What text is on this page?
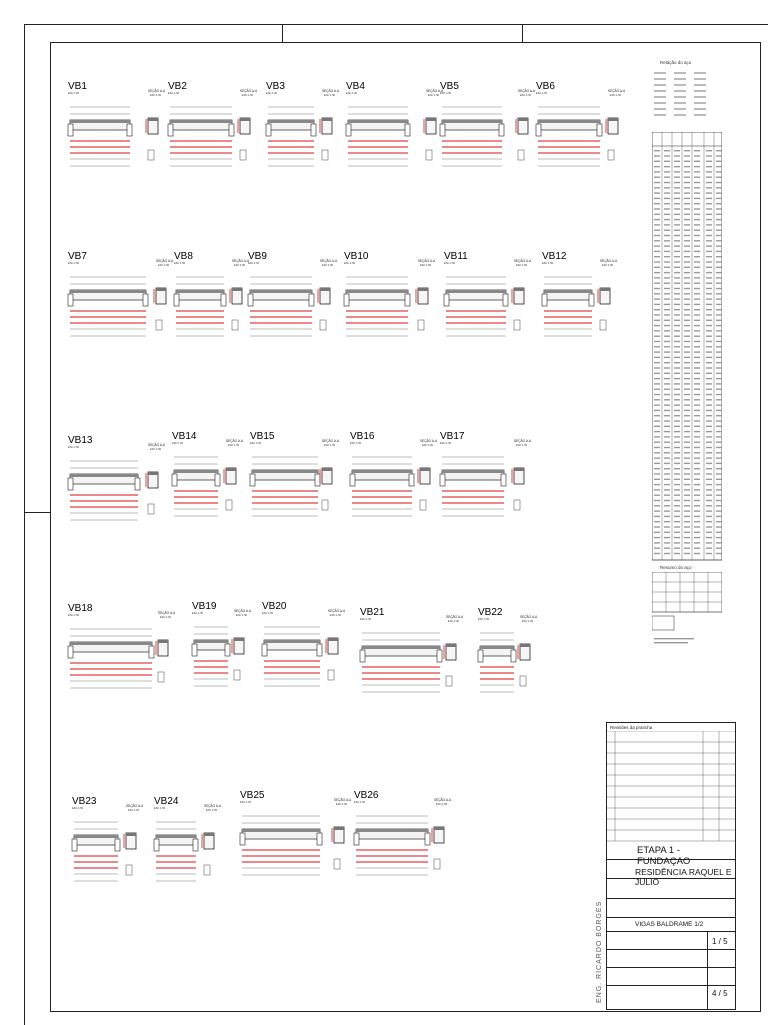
VB1
ESC 1:50
SEÇÃO A-A
ESC 1:50
VB2
ESC 1:50
SEÇÃO A-A
ESC 1:50
VB3
ESC 1:50
SEÇÃO A-A
ESC 1:50
VB4
ESC 1:50
SEÇÃO A-A
ESC 1:50
VB5
ESC 1:50
SEÇÃO A-A
ESC 1:50
VB6
ESC 1:50
SEÇÃO A-A
ESC 1:50
VB7
ESC 1:50
SEÇÃO A-A
ESC 1:50
VB8
ESC 1:50
SEÇÃO A-A
ESC 1:50
VB9
ESC 1:50
SEÇÃO A-A
ESC 1:50
VB10
ESC 1:50
SEÇÃO A-A
ESC 1:50
VB11
ESC 1:50
SEÇÃO A-A
ESC 1:50
VB12
ESC 1:50
SEÇÃO A-A
ESC 1:50
VB13
ESC 1:50
SEÇÃO A-A
ESC 1:50
VB14
ESC 1:50
SEÇÃO A-A
ESC 1:50
VB15
ESC 1:50
SEÇÃO A-A
ESC 1:50
VB16
ESC 1:50
SEÇÃO A-A
ESC 1:50
VB17
ESC 1:50
SEÇÃO A-A
ESC 1:50
VB18
ESC 1:50
SEÇÃO A-A
ESC 1:50
VB19
ESC 1:50
SEÇÃO A-A
ESC 1:50
VB20
ESC 1:50
SEÇÃO A-A
ESC 1:50 VB21
ESC 1:50
SEÇÃO A-A
ESC 1:50
VB22
ESC 1:50
SEÇÃO A-A
ESC 1:50
VB23
ESC 1:50
SEÇÃO A-A
ESC 1:50
VB24
ESC 1:50
SEÇÃO A-A
ESC 1:50
VB25
ESC 1:50
SEÇÃO A-A
ESC 1:50
VB26
ESC 1:50
SEÇÃO A-A
ESC 1:50
Relação do aço
Resumo do aço
Revisões da prancha
ETAPA 1 - FUNDAÇAO
RESIDÊNCIA RAQUEL E JULIO
VIGAS BALDRAME 1/2
1 / 5
4 / 5
ENG. RICARDO BORGES
